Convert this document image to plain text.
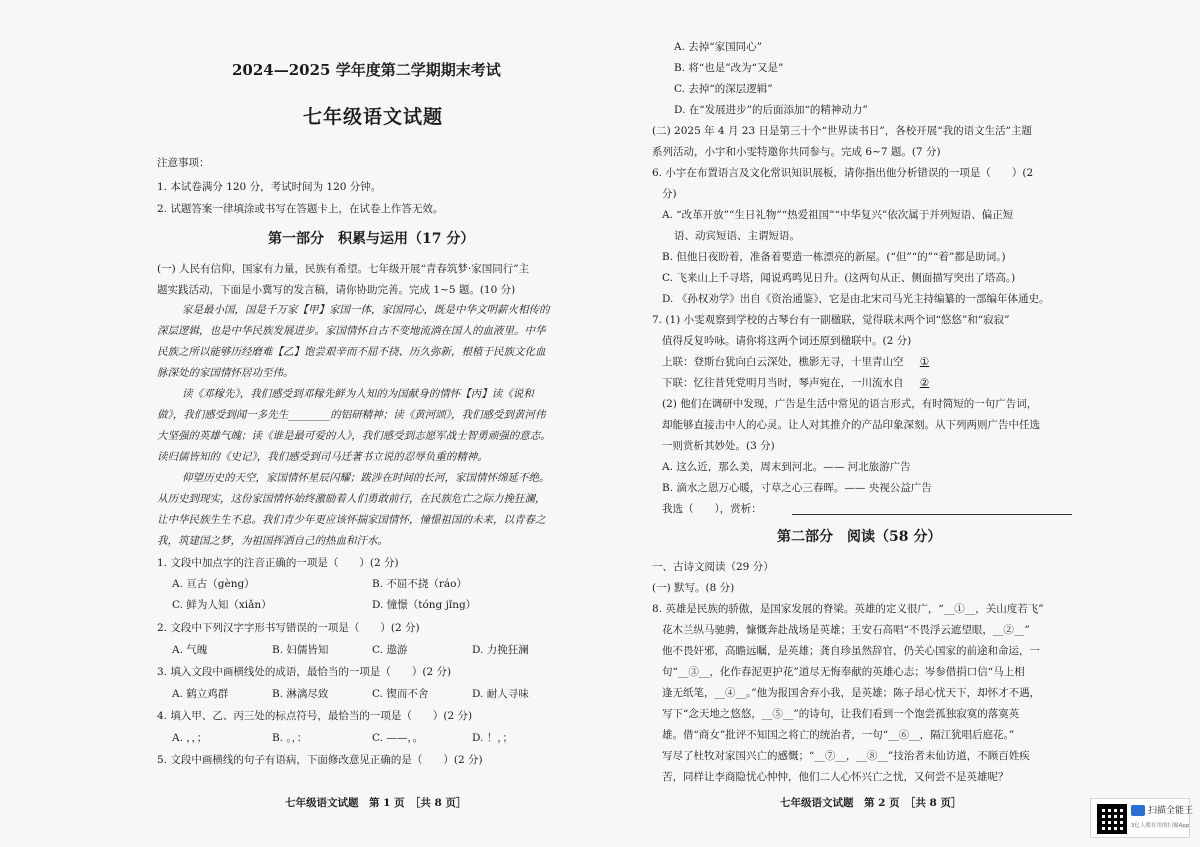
2024—2025 学年度第二学期期末考试
七年级语文试题
注意事项：
1. 本试卷满分 120 分，考试时间为 120 分钟。
2. 试题答案一律填涂或书写在答题卡上，在试卷上作答无效。
第一部分　积累与运用（17 分）
(一) 人民有信仰，国家有力量，民族有希望。七年级开展“青春筑梦·家国同行”主
题实践活动，下面是小冀写的发言稿，请你协助完善。完成 1~5 题。(10 分)
家是最小国，国是千万家【甲】家国一体，家国同心，既是中华文明薪火相传的
深层逻辑，也是中华民族发展进步。家国情怀自古不变地流淌在国人的血液里。中华
民族之所以能够历经磨难【乙】饱尝艰辛而不屈不挠、历久弥新，根植于民族文化血
脉深处的家国情怀居功至伟。
读《邓稼先》，我们感受到邓稼先鲜为人知的为国献身的情怀【丙】读《说和
做》，我们感受到闻一多先生________的铝研精神；读《黄河颂》，我们感受到黄河伟
大坚强的英雄气魄；读《谁是最可爱的人》，我们感受到志愿军战士智勇顽强的意志。
读归儒皆知的《史记》，我们感受到司马迁著书立说的忍辱负重的精神。
仰望历史的天空，家国情怀星辰闪耀；跋涉在时间的长河，家国情怀绵延不绝。
从历史到现实，这份家国情怀始终激励着人们勇敢前行，在民族危亡之际力挽狂澜，
让中华民族生生不息。我们青少年更应该怀揣家国情怀，憧憬祖国的未来，以青春之
我，筑建国之梦，为祖国挥洒自己的热血和汗水。
1. 文段中加点字的注音正确的一项是（　　）(2 分)
A. 亘古（gèng）	B. 不屈不挠（ráo）
C. 鲜为人知（xiǎn）	D. 憧憬（tóng jǐng）
2. 文段中下列汉字字形书写错误的一项是（　　）(2 分)
A. 气魄	B. 妇儒皆知	C. 遨游	D. 力挽狂澜
3. 填入文段中画横线处的成语，最恰当的一项是（　　）(2 分)
A. 鹤立鸡群	B. 淋漓尽致	C. 锲而不舍	D. 耐人寻味
4. 填入甲、乙、丙三处的标点符号，最恰当的一项是（　　）(2 分)
A. ，，；	B. 。，：	C. ——，。	D. ！，；
5. 文段中画横线的句子有语病，下面修改意见正确的是（　　）(2 分)
七年级语文试题　第 1 页　［共 8 页］
A. 去掉“家国同心”
B. 将“也是”改为“又是”
C. 去掉“的深层逻辑”
D. 在“发展进步”的后面添加“的精神动力”
(二) 2025 年 4 月 23 日是第三十个“世界读书日”，各校开展“我的语文生活”主题
系列活动，小宇和小雯特邀你共同参与。完成 6~7 题。(7 分)
6. 小宇在布置语言及文化常识知识展板，请你指出他分析错误的一项是（　　）(2
分)
A. “改革开放”“生日礼物”“热爱祖国”“中华复兴”依次属于并列短语、偏正短
语、动宾短语、主谓短语。
B. 但他日夜盼着，准备着要造一栋漂亮的新屋。(“但”“的”“着”都是助词。)
C. 飞来山上千寻塔，闻说鸡鸣见日升。(这两句从正、侧面描写突出了塔高。)
D. 《孙权劝学》出自《资治通鉴》，它是由北宋司马光主持编纂的一部编年体通史。
7. (1) 小雯观察到学校的古琴台有一副楹联，觉得联末两个词“悠悠”和“寂寂”
值得反复吟咏。请你将这两个词还原到楹联中。(2 分)
上联：登斯台犹向白云深处，樵影无寻，十里青山空 ①
下联：忆往昔凭党明月当时，琴声宛在，一川流水自 ②
(2) 他们在调研中发现，广告是生活中常见的语言形式，有时简短的一句广告词，
却能够直接击中人的心灵。让人对其推介的产品印象深刻。从下列两则广告中任选
一则赏析其妙处。(3 分)
A. 这么近，那么美，周末到河北。—— 河北旅游广告
B. 滴水之恩万心暖，寸草之心三春晖。—— 央视公益广告
我选（　　），赏析：
第二部分　阅读（58 分）
一、古诗文阅读（29 分）
(一) 默写。(8 分)
8. 英雄是民族的骄傲，是国家发展的脊梁。英雄的定义很广，“__①__，关山度若飞”
花木兰纵马驰骋，慷慨奔赴战场是英雄；王安石高唱“不畏浮云遮望眼，__②__”
他不畏奸邪，高瞻远瞩，是英雄；龚自珍虽然辞官，仍关心国家的前途和命运，一
句“__③__，化作春泥更护花”道尽无悔奉献的英雄心志；岑参借捐口信“马上相
逢无纸笔，__④__。”他为报国舍弃小我，是英雄；陈子昂心忧天下，却怀才不遇，
写下“念天地之悠悠，__⑤__”的诗句，让我们看到一个饱尝孤独寂寞的落寞英
雄。借“商女”批评不知国之将亡的统治者，一句“__⑥__，隔江犹唱后庭花。”
写尽了杜牧对家国兴亡的感慨；“__⑦__，__⑧__”技治者未仙访道，不顾百姓疾
苦，同样让李商隐忧心忡忡，他们二人心怀兴亡之忧，又何尝不是英雄呢？
七年级语文试题　第 2 页　［共 8 页］
扫描全能王
3亿人都在用的扫描App
